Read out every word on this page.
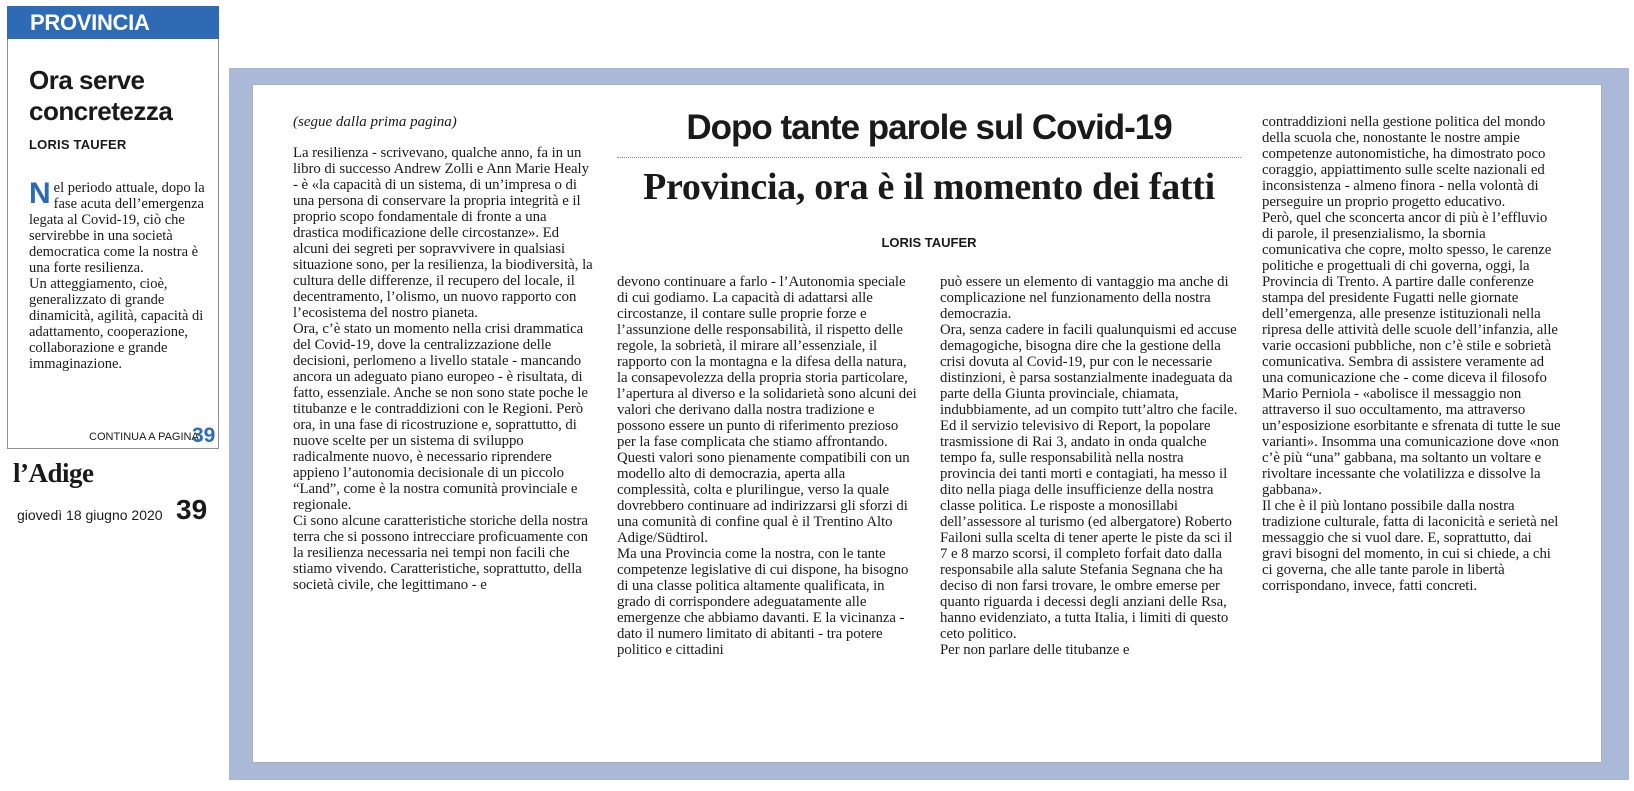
PROVINCIA
Ora serve concretezza
LORIS TAUFER

Nel periodo attuale, dopo la fase acuta dell’emergenza legata al Covid-19, ciò che servirebbe in una società democratica come la nostra è una forte resilienza.

Un atteggiamento, cioè, generalizzato di grande dinamicità, agilità, capacità di adattamento, cooperazione, collaborazione e grande immaginazione.

CONTINUA A PAGINA
39
l’Adige
giovedì 18 giugno 2020 39
(segue dalla prima pagina)	Dopo tante parole sul Covid-19
Provincia, ora è il momento dei fatti
LORIS TAUFER

La resilienza - scrivevano, qualche anno, fa in un libro di successo Andrew Zolli e Ann Marie Healy - è «la capacità di un sistema, di un’impresa o di una persona di conservare la propria integrità e il proprio scopo fondamentale di fronte a una drastica modificazione delle circostanze». Ed alcuni dei segreti per sopravvivere in qualsiasi situazione sono, per la resilienza, la biodiversità, la cultura delle differenze, il recupero del locale, il decentramento, l’olismo, un nuovo rapporto con l’ecosistema del nostro pianeta.

Ora, c’è stato un momento nella crisi drammatica del Covid-19, dove la centralizzazione delle decisioni, perlomeno a livello statale - mancando ancora un adeguato piano europeo - è risultata, di fatto, essenziale. Anche se non sono state poche le titubanze e le contraddizioni con le Regioni. Però ora, in una fase di ricostruzione e, soprattutto, di nuove scelte per un sistema di sviluppo radicalmente nuovo, è necessario riprendere appieno l’autonomia decisionale di un piccolo “Land”, come è la nostra comunità provinciale e regionale.

Ci sono alcune caratteristiche storiche della nostra terra che si possono intrecciare proficuamente con la resilienza necessaria nei tempi non facili che stiamo vivendo. Caratteristiche, soprattutto, della società civile, che legittimano - e

devono continuare a farlo - l’Autonomia speciale di cui godiamo. La capacità di adattarsi alle circostanze, il contare sulle proprie forze e l’assunzione delle responsabilità, il rispetto delle regole, la sobrietà, il mirare all’essenziale, il rapporto con la montagna e la difesa della natura, la consapevolezza della propria storia particolare, l’apertura al diverso e la solidarietà sono alcuni dei valori che derivano dalla nostra tradizione e possono essere un punto di riferimento prezioso per la fase complicata che stiamo affrontando.

Questi valori sono pienamente compatibili con un modello alto di democrazia, aperta alla complessità, colta e plurilingue, verso la quale dovrebbero continuare ad indirizzarsi gli sforzi di una comunità di confine qual è il Trentino Alto Adige/Südtirol.

Ma una Provincia come la nostra, con le tante competenze legislative di cui dispone, ha bisogno di una classe politica altamente qualificata, in grado di corrispondere adeguatamente alle emergenze che abbiamo davanti. E la vicinanza - dato il numero limitato di abitanti - tra potere politico e cittadini

può essere un elemento di vantaggio ma anche di complicazione nel funzionamento della nostra democrazia.

Ora, senza cadere in facili qualunquismi ed accuse demagogiche, bisogna dire che la gestione della crisi dovuta al Covid-19, pur con le necessarie distinzioni, è parsa sostanzialmente inadeguata da parte della Giunta provinciale, chiamata, indubbiamente, ad un compito tutt’altro che facile. Ed il servizio televisivo di Report, la popolare trasmissione di Rai 3, andato in onda qualche tempo fa, sulle responsabilità nella nostra provincia dei tanti morti e contagiati, ha messo il dito nella piaga delle insufficienze della nostra classe politica. Le risposte a monosillabi dell’assessore al turismo (ed albergatore) Roberto Failoni sulla scelta di tener aperte le piste da sci il 7 e 8 marzo scorsi, il completo forfait dato dalla responsabile alla salute Stefania Segnana che ha deciso di non farsi trovare, le ombre emerse per quanto riguarda i decessi degli anziani delle Rsa, hanno evidenziato, a tutta Italia, i limiti di questo ceto politico.

Per non parlare delle titubanze e

contraddizioni nella gestione politica del mondo della scuola che, nonostante le nostre ampie competenze autonomistiche, ha dimostrato poco coraggio, appiattimento sulle scelte nazionali ed inconsistenza - almeno finora - nella volontà di perseguire un proprio progetto educativo.

Però, quel che sconcerta ancor di più è l’effluvio di parole, il presenzialismo, la sbornia comunicativa che copre, molto spesso, le carenze politiche e progettuali di chi governa, oggi, la Provincia di Trento. A partire dalle conferenze stampa del presidente Fugatti nelle giornate dell’emergenza, alle presenze istituzionali nella ripresa delle attività delle scuole dell’infanzia, alle varie occasioni pubbliche, non c’è stile e sobrietà comunicativa. Sembra di assistere veramente ad una comunicazione che - come diceva il filosofo Mario Perniola - «abolisce il messaggio non attraverso il suo occultamento, ma attraverso un’esposizione esorbitante e sfrenata di tutte le sue varianti». Insomma una comunicazione dove «non c’è più “una” gabbana, ma soltanto un voltare e rivoltare incessante che volatilizza e dissolve la gabbana».

Il che è il più lontano possibile dalla nostra tradizione culturale, fatta di laconicità e serietà nel messaggio che si vuol dare. E, soprattutto, dai gravi bisogni del momento, in cui si chiede, a chi ci governa, che alle tante parole in libertà corrispondano, invece, fatti concreti.
